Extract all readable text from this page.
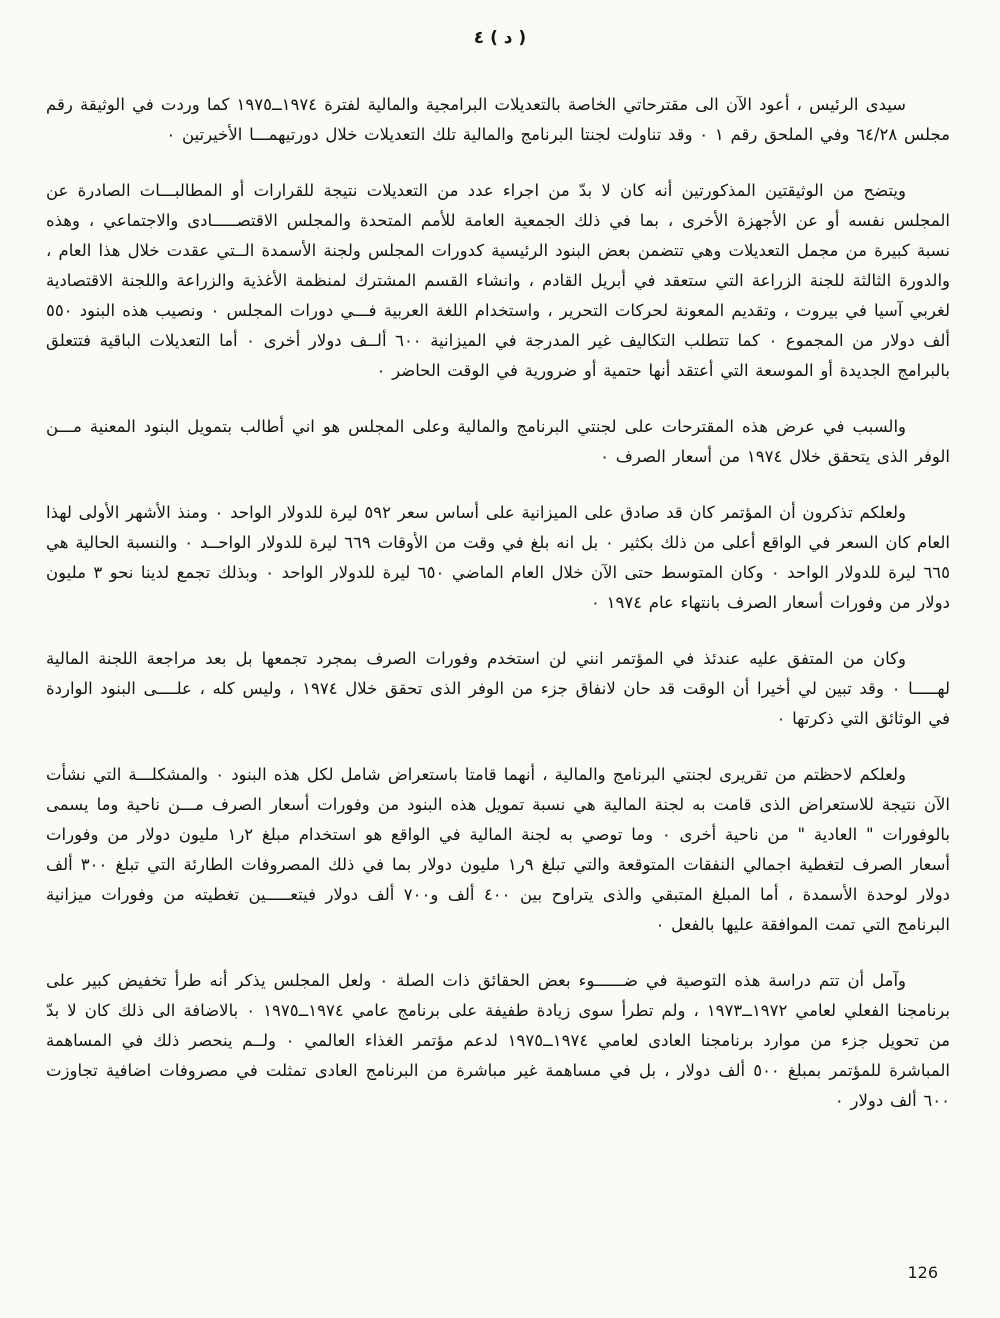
( د ) ٤

سيدى الرئيس ، أعود الآن الى مقترحاتي الخاصة بالتعديلات البرامجية والمالية لفترة ١٩٧٤ــ١٩٧٥ كما وردت في الوثيقة رقم مجلس ٦٤/٢٨ وفي الملحق رقم ١ ٠ وقد تناولت لجنتا البرنامج والمالية تلك التعديلات خلال دورتيهمـــا الأخيرتين ٠

ويتضح من الوثيقتين المذكورتين أنه كان لا بدّ من اجراء عدد من التعديلات نتيجة للقرارات أو المطالبـــات الصادرة عن المجلس نفسه أو عن الأجهزة الأخرى ، بما في ذلك الجمعية العامة للأمم المتحدة والمجلس الاقتصـــــادى والاجتماعي ، وهذه نسبة كبيرة من مجمل التعديلات وهي تتضمن بعض البنود الرئيسية كدورات المجلس ولجنة الأسمدة الــتي عقدت خلال هذا العام ، والدورة الثالثة للجنة الزراعة التي ستعقد في أبريل القادم ، وانشاء القسم المشترك لمنظمة الأغذية والزراعة واللجنة الاقتصادية لغربي آسيا في بيروت ، وتقديم المعونة لحركات التحرير ، واستخدام اللغة العربية فـــي دورات المجلس ٠ ونصيب هذه البنود ٥٥٠ ألف دولار من المجموع ٠ كما تتطلب التكاليف غير المدرجة في الميزانية ٦٠٠ ألــف دولار أخرى ٠ أما التعديلات الباقية فتتعلق بالبرامج الجديدة أو الموسعة التي أعتقد أنها حتمية أو ضرورية في الوقت الحاضر ٠

والسبب في عرض هذه المقترحات على لجنتي البرنامج والمالية وعلى المجلس هو اني أطالب بتمويل البنود المعنية مـــن الوفر الذى يتحقق خلال ١٩٧٤ من أسعار الصرف ٠

ولعلكم تذكرون أن المؤتمر كان قد صادق على الميزانية على أساس سعر ٥٩٢ ليرة للدولار الواحد ٠ ومنذ الأشهر الأولى لهذا العام كان السعر في الواقع أعلى من ذلك بكثير ٠ بل انه بلغ في وقت من الأوقات ٦٦٩ ليرة للدولار الواحــد ٠ والنسبة الحالية هي ٦٦٥ ليرة للدولار الواحد ٠ وكان المتوسط حتى الآن خلال العام الماضي ٦٥٠ ليرة للدولار الواحد ٠ وبذلك تجمع لدينا نحو ٣ مليون دولار من وفورات أسعار الصرف بانتهاء عام ١٩٧٤ ٠

وكان من المتفق عليه عندئذ في المؤتمر انني لن استخدم وفورات الصرف بمجرد تجمعها بل بعد مراجعة اللجنة المالية لهـــــا ٠ وقد تبين لي أخيرا أن الوقت قد حان لانفاق جزء من الوفر الذى تحقق خلال ١٩٧٤ ، وليس كله ، علــــى البنود الواردة في الوثائق التي ذكرتها ٠

ولعلكم لاحظتم من تقريرى لجنتي البرنامج والمالية ، أنهما قامتا باستعراض شامل لكل هذه البنود ٠ والمشكلـــة التي نشأت الآن نتيجة للاستعراض الذى قامت به لجنة المالية هي نسبة تمويل هذه البنود من وفورات أسعار الصرف مـــن ناحية وما يسمى بالوفورات " العادية " من ناحية أخرى ٠ وما توصي به لجنة المالية في الواقع هو استخدام مبلغ ٢ر١ مليون دولار من وفورات أسعار الصرف لتغطية اجمالي النفقات المتوقعة والتي تبلغ ٩ر١ مليون دولار بما في ذلك المصروفات الطارئة التي تبلغ ٣٠٠ ألف دولار لوحدة الأسمدة ، أما المبلغ المتبقي والذى يتراوح بين ٤٠٠ ألف و٧٠٠ ألف دولار فيتعـــــين تغطيته من وفورات ميزانية البرنامج التي تمت الموافقة عليها بالفعل ٠

وآمل أن تتم دراسة هذه التوصية في ضــــــوء بعض الحقائق ذات الصلة ٠ ولعل المجلس يذكر أنه طرأ تخفيض كبير على برنامجنا الفعلي لعامي ١٩٧٢ــ١٩٧٣ ، ولم تطرأ سوى زيادة طفيفة على برنامج عامي ١٩٧٤ــ١٩٧٥ ٠ بالاضافة الى ذلك كان لا بدّ من تحويل جزء من موارد برنامجنا العادى لعامي ١٩٧٤ــ١٩٧٥ لدعم مؤتمر الغذاء العالمي ٠ ولــم ينحصر ذلك في المساهمة المباشرة للمؤتمر بمبلغ ٥٠٠ ألف دولار ، بل في مساهمة غير مباشرة من البرنامج العادى تمثلت في مصروفات اضافية تجاوزت ٦٠٠ ألف دولار ٠

126
